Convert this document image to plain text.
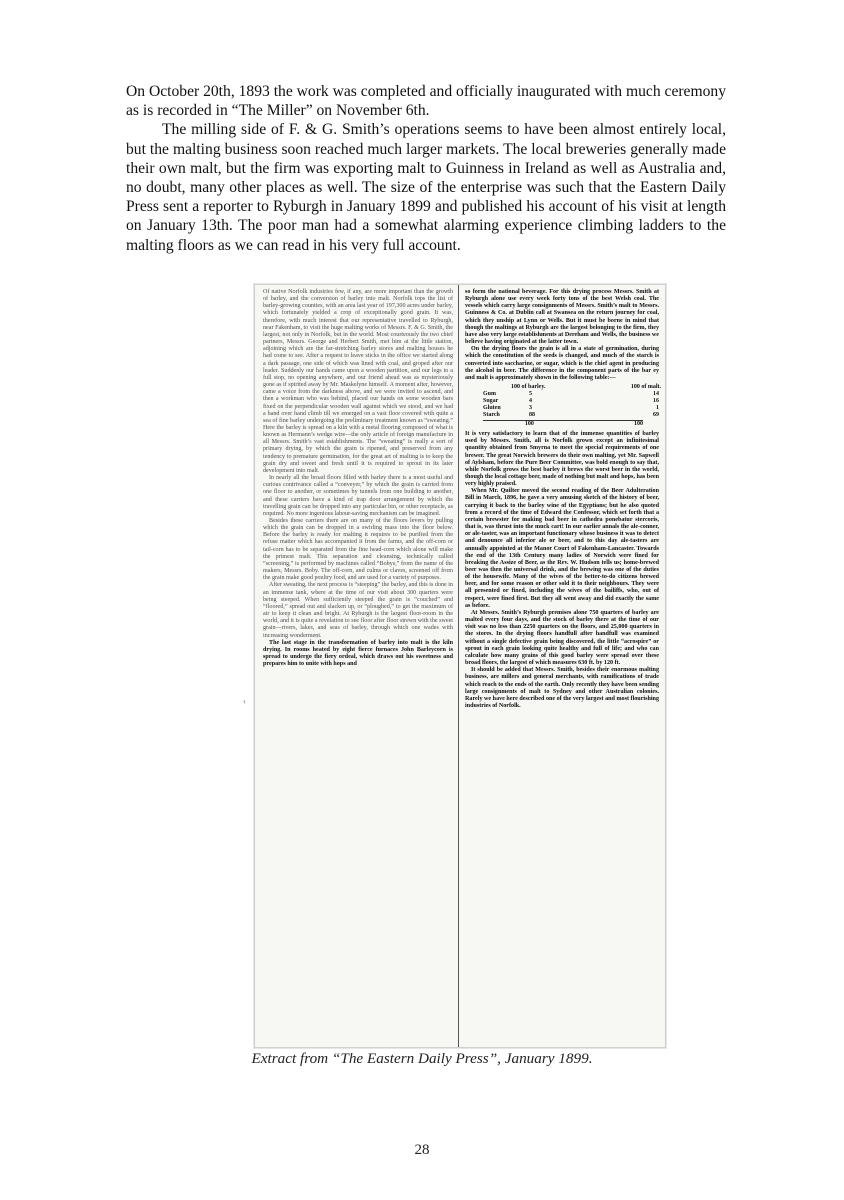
On October 20th, 1893 the work was completed and officially inaugurated with much ceremony as is recorded in “The Miller” on November 6th.

The milling side of F. & G. Smith’s operations seems to have been almost entirely local, but the malting business soon reached much larger markets. The local breweries generally made their own malt, but the firm was exporting malt to Guinness in Ireland as well as Australia and, no doubt, many other places as well. The size of the enterprise was such that the Eastern Daily Press sent a reporter to Ryburgh in January 1899 and published his account of his visit at length on January 13th. The poor man had a somewhat alarming experience climbing ladders to the malting floors as we can read in his very full account.

‹

Of native Norfolk industries few, if any, are more important than the growth of barley, and the conversion of barley into malt. Norfolk tops the list of barley-growing counties, with an area last year of 197,300 acres under barley, which fortunately yielded a crop of exceptionally good grain. It was, therefore, with much interest that our representative travelled to Ryburgh, near Fakenham, to visit the huge malting works of Messrs. F. & G. Smith, the largest, not only in Norfolk, but in the world. Most courteously the two chief partners, Messrs. George and Herbert Smith, met him at the little station, adjoining which are the far-stretching barley stores and malting houses he had come to see. After a request to leave sticks in the office we started along a dark passage, one side of which was lined with coal, and groped after our leader. Suddenly our hands came upon a wooden partition, and our legs to a full stop, no opening anywhere, and our friend ahead was as mysteriously gone as if spirited away by Mr. Maskelyne himself. A moment after, however, came a voice from the darkness above, and we were invited to ascend, and then a workman who was behind, placed our hands on some wooden bars fixed on the perpendicular wooden wall against which we stood, and we had a hand over hand climb till we emerged on a vast floor covered with quite a sea of fine barley undergoing the preliminary treatment known as “sweating.” Here the barley is spread on a kiln with a metal flooring composed of what is known as Hermann’s wedge wire—the only article of foreign manufacture in all Messrs. Smith’s vast establishments. The “sweating” is really a sort of primary drying, by which the grain is ripened, and preserved from any tendency to premature germination, for the great art of malting is to keep the grain dry and sweet and fresh until it is required to sprout in its later development into malt.

In nearly all the broad floors filled with barley there is a most useful and curious contrivance called a “conveyer,” by which the grain is carried from one floor to another, or sometimes by tunnels from one building to another, and these carriers have a kind of trap door arrangement by which the travelling grain can be dropped into any particular bin, or other receptacle, as required. No more ingenious labour-saving mechanism can be imagined.

Besides these carriers there are on many of the floors levers by pulling which the grain can be dropped in a swirling mass into the floor below. Before the barley is ready for malting it requires to be purified from the refuse matter which has accompanied it from the farms, and the off-corn or tail-corn has to be separated from the fine head-corn which alone will make the primest malt. This separation and cleansing, technically called “screening,” is performed by machines called “Bobys,” from the name of the makers, Messrs. Boby. The off-corn, and culms or claves, screened off from the grain make good poultry food, and are used for a variety of purposes.

After sweating, the next process is “steeping” the barley, and this is done in an immense tank, where at the time of our visit about 300 quarters were being steeped. When sufficiently steeped the grain is “couched” and “floored,” spread out and slacken up, or “ploughed,” to get the maximum of air to keep it clean and bright. At Ryburgh is the largest floor-room in the world, and it is quite a revelation to see floor after floor strewn with the sweet grain—rivers, lakes, and seas of barley, through which one wades with increasing wonderment.

The last stage in the transformation of barley into malt is the kiln drying. In rooms heated by eight fierce furnaces John Barleycorn is spread to undergo the fiery ordeal, which draws out his sweetness and prepares him to unite with hops and

so form the national beverage. For this drying process Messrs. Smith at Ryburgh alone use every week forty tons of the best Welsh coal. The vessels which carry large consignments of Messrs. Smith’s malt to Messrs. Guinness & Co. at Dublin call at Swansea on the return journey for coal, which they unship at Lynn or Wells. But it must be borne in mind that though the maltings at Ryburgh are the largest belonging to the firm, they have also very large establishments at Dereham and Wells, the business we believe having originated at the latter town.

On the drying floors the grain is all in a state of germination, during which the constitution of the seeds is changed, and much of the starch is converted into saccharine, or sugar, which is the chief agent in producing the alcohol in beer. The difference in the component parts of the bar ey and malt is approximately shown in the following table:—

100 of barley.	100 of malt.
Gum	5	14
Sugar	4	16
Gluten	3	1
Starch	88	69
100	100

It is very satisfactory to learn that of the immense quantities of barley used by Messrs. Smith, all is Norfolk grown except an infinitesimal quantity obtained from Smyrna to meet the special requirements of one brewer. The great Norwich brewers do their own malting, yet Mr. Sapwell of Aylsham, before the Pure Beer Committee, was bold enough to say that, while Norfolk grows the best barley it brews the worst beer in the world, though the local cottage beer, made of nothing but malt and hops, has been very highly praised.

When Mr. Quilter moved the second reading of the Beer Adulteration Bill in March, 1896, he gave a very amusing sketch of the history of beer, carrying it back to the barley wine of the Egyptians; but he also quoted from a record of the time of Edward the Confessor, which set forth that a certain brewster for making bad beer in cathedra ponebatur stercoris, that is, was thrust into the muck cart! In our earlier annals the ale-conner, or ale-taster, was an important functionary whose business it was to detect and denounce all inferior ale or beer, and to this day ale-tasters are annually appointed at the Manor Court of Fakenham-Lancaster. Towards the end of the 13th Century many ladies of Norwich were fined for breaking the Assize of Beer, as the Rev. W. Hudson tells us; home-brewed beer was then the universal drink, and the brewing was one of the duties of the housewife. Many of the wives of the better-to-do citizens brewed beer, and for some reason or other sold it to their neighbours. They were all presented or fined, including the wives of the bailiffs, who, out of respect, were fined first. But they all went away and did exactly the same as before.

At Messrs. Smith’s Ryburgh premises alone 750 quarters of barley are malted every four days, and the stock of barley there at the time of our visit was no less than 2250 quarters on the floors, and 25,000 quarters in the stores. In the drying floors handfull after handfull was examined without a single defective grain being discovered, the little “acrospire” or sprout in each grain looking quite healthy and full of life; and who can calculate how many grains of this good barley were spread over these broad floors, the largest of which measures 630 ft. by 120 ft.

It should be added that Messrs. Smith, besides their enormous malting business, are millers and general merchants, with ramifications of trade which reach to the ends of the earth. Only recently they have been sending large consignments of malt to Sydney and other Australian colonies. Rarely we have here described one of the very largest and most flourishing industries of Norfolk.

Extract from “The Eastern Daily Press”, January 1899.
28
